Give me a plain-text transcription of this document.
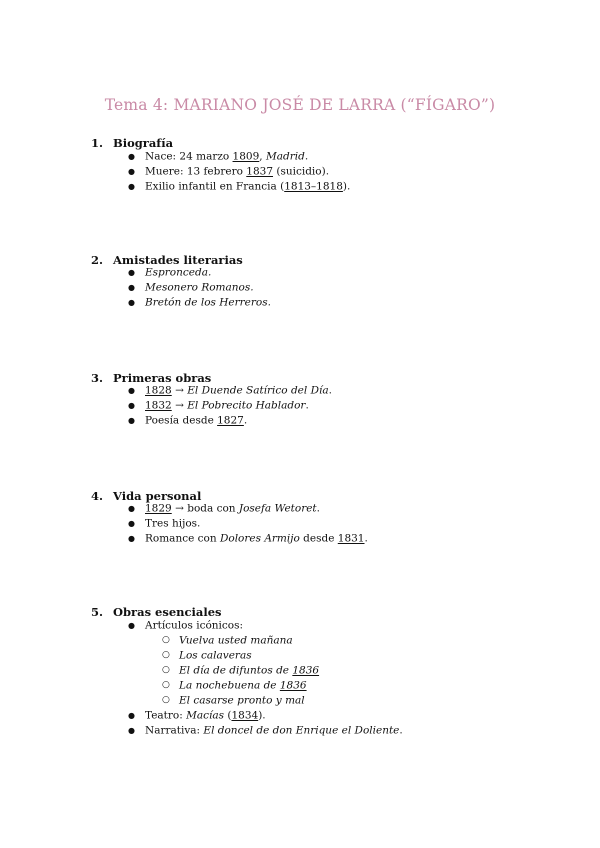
Tema 4: MARIANO JOSÉ DE LARRA (“FÍGARO”)
1. Biografía
● Nace: 24 marzo 1809, Madrid.
● Muere: 13 febrero 1837 (suicidio).
● Exilio infantil en Francia (1813–1818).
2. Amistades literarias
● Espronceda.
● Mesonero Romanos.
● Bretón de los Herreros.
3. Primeras obras
● 1828 → El Duende Satírico del Día.
● 1832 → El Pobrecito Hablador.
● Poesía desde 1827.
4. Vida personal
● 1829 → boda con Josefa Wetoret.
● Tres hijos.
● Romance con Dolores Armijo desde 1831.
5. Obras esenciales
● Artículos icónicos:
○ Vuelva usted mañana
○ Los calaveras
○ El día de difuntos de 1836
○ La nochebuena de 1836
○ El casarse pronto y mal
● Teatro: Macías (1834).
● Narrativa: El doncel de don Enrique el Doliente.
